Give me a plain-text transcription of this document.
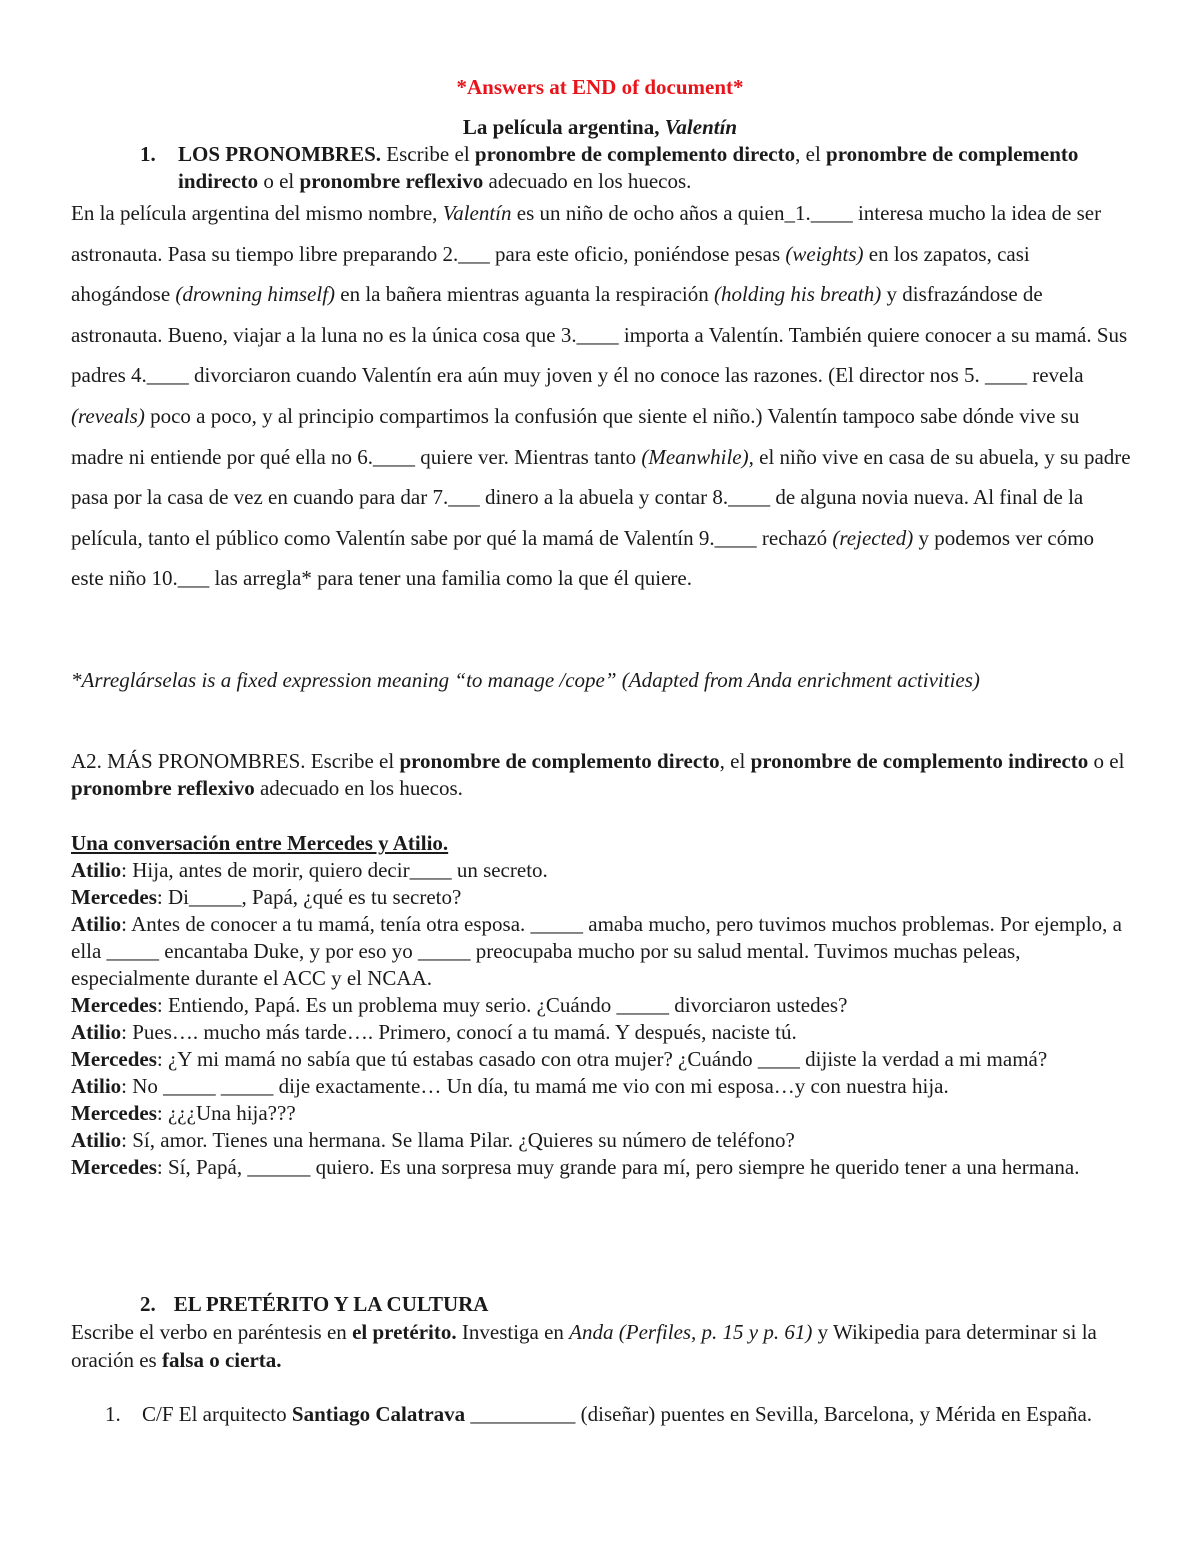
*Answers at END of document*

La película argentina, Valentín

1. LOS PRONOMBRES. Escribe el pronombre de complemento directo, el pronombre de complemento indirecto o el pronombre reflexivo adecuado en los huecos.

En la película argentina del mismo nombre, Valentín es un niño de ocho años a quien_1.____ interesa mucho la idea de ser astronauta. Pasa su tiempo libre preparando 2.___ para este oficio, poniéndose pesas (weights) en los zapatos, casi ahogándose (drowning himself) en la bañera mientras aguanta la respiración (holding his breath) y disfrazándose de astronauta. Bueno, viajar a la luna no es la única cosa que 3.____ importa a Valentín. También quiere conocer a su mamá. Sus padres 4.____ divorciaron cuando Valentín era aún muy joven y él no conoce las razones. (El director nos 5. ____ revela (reveals) poco a poco, y al principio compartimos la confusión que siente el niño.) Valentín tampoco sabe dónde vive su madre ni entiende por qué ella no 6.____ quiere ver. Mientras tanto (Meanwhile), el niño vive en casa de su abuela, y su padre pasa por la casa de vez en cuando para dar 7.___ dinero a la abuela y contar 8.____ de alguna novia nueva. Al final de la película, tanto el público como Valentín sabe por qué la mamá de Valentín 9.____ rechazó (rejected) y podemos ver cómo este niño 10.___ las arregla* para tener una familia como la que él quiere.

*Arreglárselas is a fixed expression meaning “to manage /cope” (Adapted from Anda enrichment activities)

A2. MÁS PRONOMBRES. Escribe el pronombre de complemento directo, el pronombre de complemento indirecto o el pronombre reflexivo adecuado en los huecos.

Una conversación entre Mercedes y Atilio.

Atilio: Hija, antes de morir, quiero decir____ un secreto.

Mercedes: Di_____, Papá, ¿qué es tu secreto?

Atilio: Antes de conocer a tu mamá, tenía otra esposa. _____ amaba mucho, pero tuvimos muchos problemas. Por ejemplo, a ella _____ encantaba Duke, y por eso yo _____ preocupaba mucho por su salud mental. Tuvimos muchas peleas, especialmente durante el ACC y el NCAA.

Mercedes: Entiendo, Papá. Es un problema muy serio. ¿Cuándo _____ divorciaron ustedes?

Atilio: Pues…. mucho más tarde…. Primero, conocí a tu mamá. Y después, naciste tú.

Mercedes: ¿Y mi mamá no sabía que tú estabas casado con otra mujer? ¿Cuándo ____ dijiste la verdad a mi mamá?

Atilio: No _____ _____ dije exactamente… Un día, tu mamá me vio con mi esposa…y con nuestra hija.

Mercedes: ¿¿¿Una hija???

Atilio: Sí, amor. Tienes una hermana. Se llama Pilar. ¿Quieres su número de teléfono?

Mercedes: Sí, Papá, ______ quiero. Es una sorpresa muy grande para mí, pero siempre he querido tener a una hermana.

2. EL PRETÉRITO Y LA CULTURA
Escribe el verbo en paréntesis en el pretérito. Investiga en Anda (Perfiles, p. 15 y p. 61) y Wikipedia para determinar si la oración es falsa o cierta.
1. C/F El arquitecto Santiago Calatrava __________ (diseñar) puentes en Sevilla, Barcelona, y Mérida en España.
